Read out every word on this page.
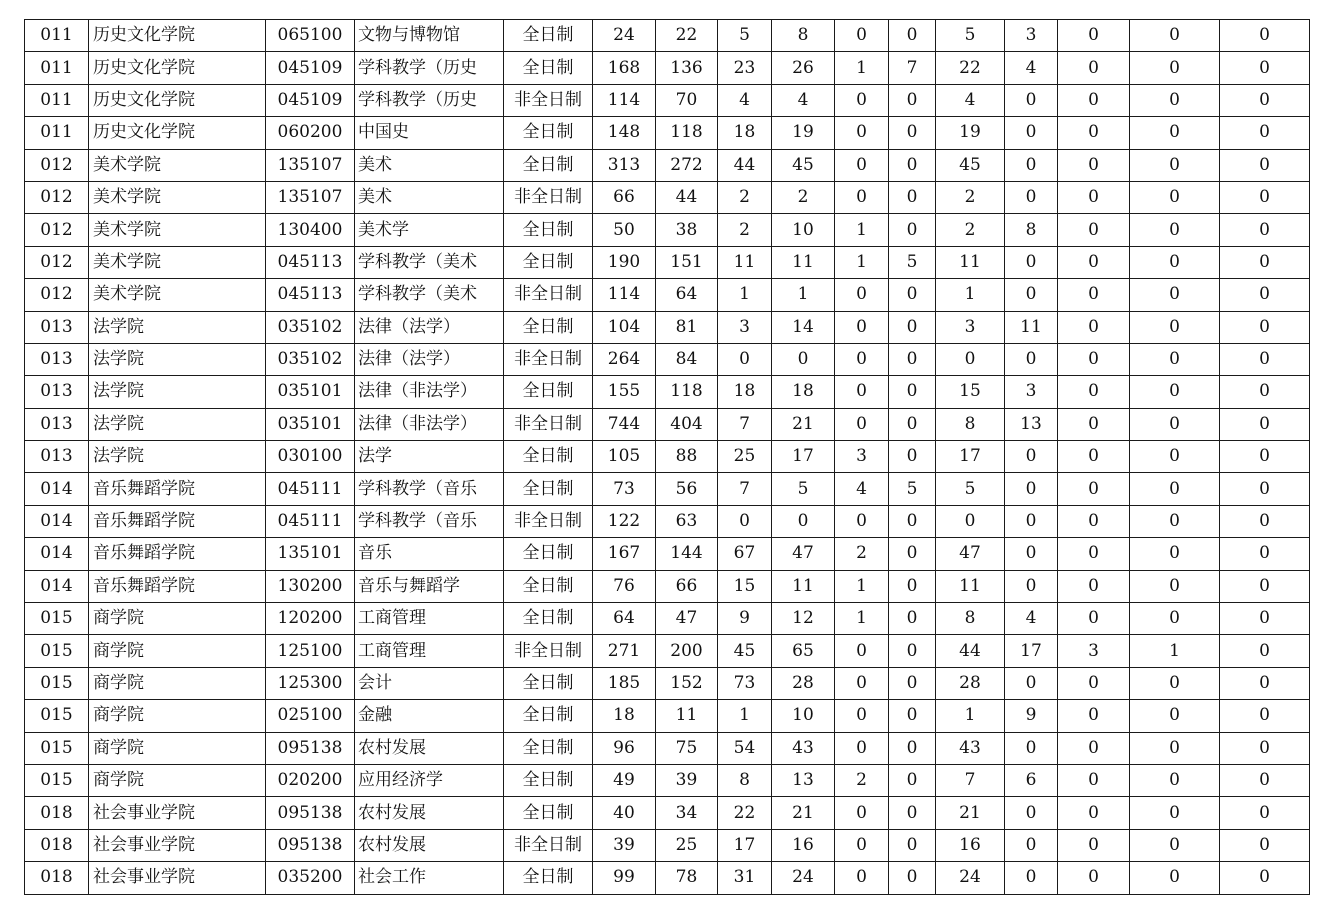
011	历史文化学院	065100	文物与博物馆	全日制	24	22	5	8	0	0	5	3	0	0	0
011	历史文化学院	045109	学科教学（历史	全日制	168	136	23	26	1	7	22	4	0	0	0
011	历史文化学院	045109	学科教学（历史	非全日制	114	70	4	4	0	0	4	0	0	0	0
011	历史文化学院	060200	中国史	全日制	148	118	18	19	0	0	19	0	0	0	0
012	美术学院	135107	美术	全日制	313	272	44	45	0	0	45	0	0	0	0
012	美术学院	135107	美术	非全日制	66	44	2	2	0	0	2	0	0	0	0
012	美术学院	130400	美术学	全日制	50	38	2	10	1	0	2	8	0	0	0
012	美术学院	045113	学科教学（美术	全日制	190	151	11	11	1	5	11	0	0	0	0
012	美术学院	045113	学科教学（美术	非全日制	114	64	1	1	0	0	1	0	0	0	0
013	法学院	035102	法律（法学）	全日制	104	81	3	14	0	0	3	11	0	0	0
013	法学院	035102	法律（法学）	非全日制	264	84	0	0	0	0	0	0	0	0	0
013	法学院	035101	法律（非法学）	全日制	155	118	18	18	0	0	15	3	0	0	0
013	法学院	035101	法律（非法学）	非全日制	744	404	7	21	0	0	8	13	0	0	0
013	法学院	030100	法学	全日制	105	88	25	17	3	0	17	0	0	0	0
014	音乐舞蹈学院	045111	学科教学（音乐	全日制	73	56	7	5	4	5	5	0	0	0	0
014	音乐舞蹈学院	045111	学科教学（音乐	非全日制	122	63	0	0	0	0	0	0	0	0	0
014	音乐舞蹈学院	135101	音乐	全日制	167	144	67	47	2	0	47	0	0	0	0
014	音乐舞蹈学院	130200	音乐与舞蹈学	全日制	76	66	15	11	1	0	11	0	0	0	0
015	商学院	120200	工商管理	全日制	64	47	9	12	1	0	8	4	0	0	0
015	商学院	125100	工商管理	非全日制	271	200	45	65	0	0	44	17	3	1	0
015	商学院	125300	会计	全日制	185	152	73	28	0	0	28	0	0	0	0
015	商学院	025100	金融	全日制	18	11	1	10	0	0	1	9	0	0	0
015	商学院	095138	农村发展	全日制	96	75	54	43	0	0	43	0	0	0	0
015	商学院	020200	应用经济学	全日制	49	39	8	13	2	0	7	6	0	0	0
018	社会事业学院	095138	农村发展	全日制	40	34	22	21	0	0	21	0	0	0	0
018	社会事业学院	095138	农村发展	非全日制	39	25	17	16	0	0	16	0	0	0	0
018	社会事业学院	035200	社会工作	全日制	99	78	31	24	0	0	24	0	0	0	0
